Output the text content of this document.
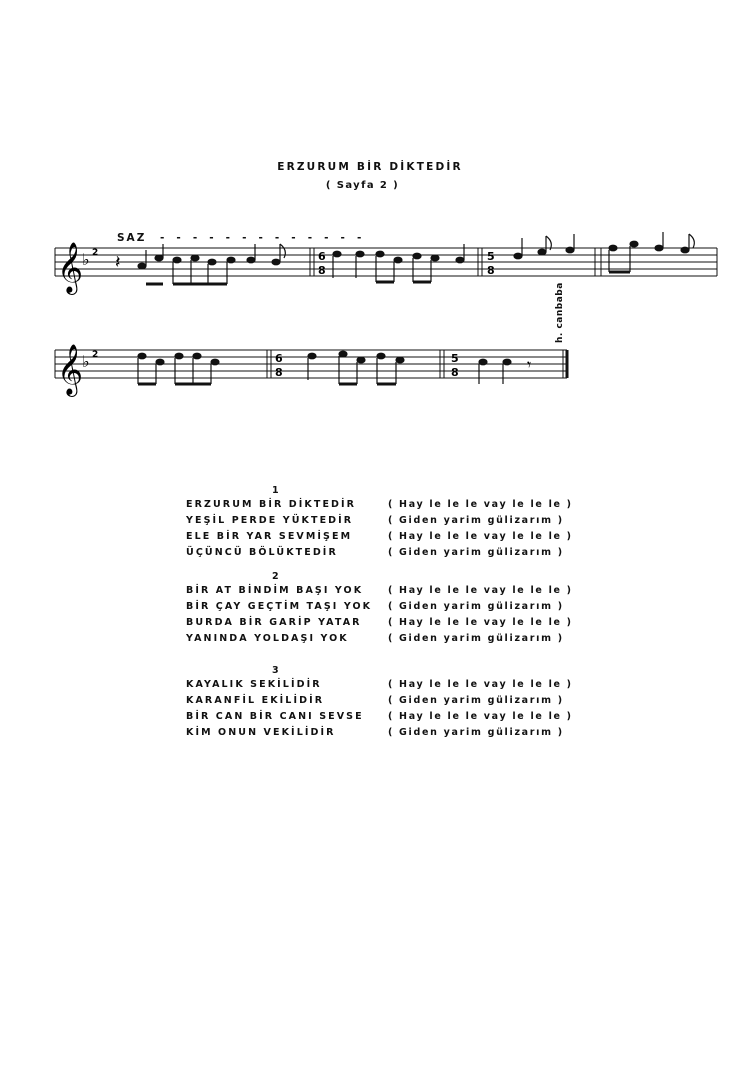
ERZURUM BİR DİKTEDİR
( Sayfa 2 )
SAZ - - - - - - - - - - - - -
𝄞
♭ 2 𝄽	6
8
5
8
𝄞
♭ 2	6
8
5
8	𝄾
h. canbaba
1
ERZURUM BİR DİKTEDİR	( Hay le le le vay le le le )
YEŞİL PERDE YÜKTEDİR	( Giden yarim gülizarım )
ELE BİR YAR SEVMİŞEM	( Hay le le le vay le le le )
ÜÇÜNCÜ BÖLÜKTEDİR	( Giden yarim gülizarım )
2
BİR AT BİNDİM BAŞI YOK	( Hay le le le vay le le le )
BİR ÇAY GEÇTİM TAŞI YOK ( Giden yarim gülizarım )
BURDA BİR GARİP YATAR	( Hay le le le vay le le le )
YANINDA YOLDAŞI YOK	( Giden yarim gülizarım )
3
KAYALIK SEKİLİDİR	( Hay le le le vay le le le )
KARANFİL EKİLİDİR	( Giden yarim gülizarım )
BİR CAN BİR CANI SEVSE	( Hay le le le vay le le le )
KİM ONUN VEKİLİDİR	( Giden yarim gülizarım )
